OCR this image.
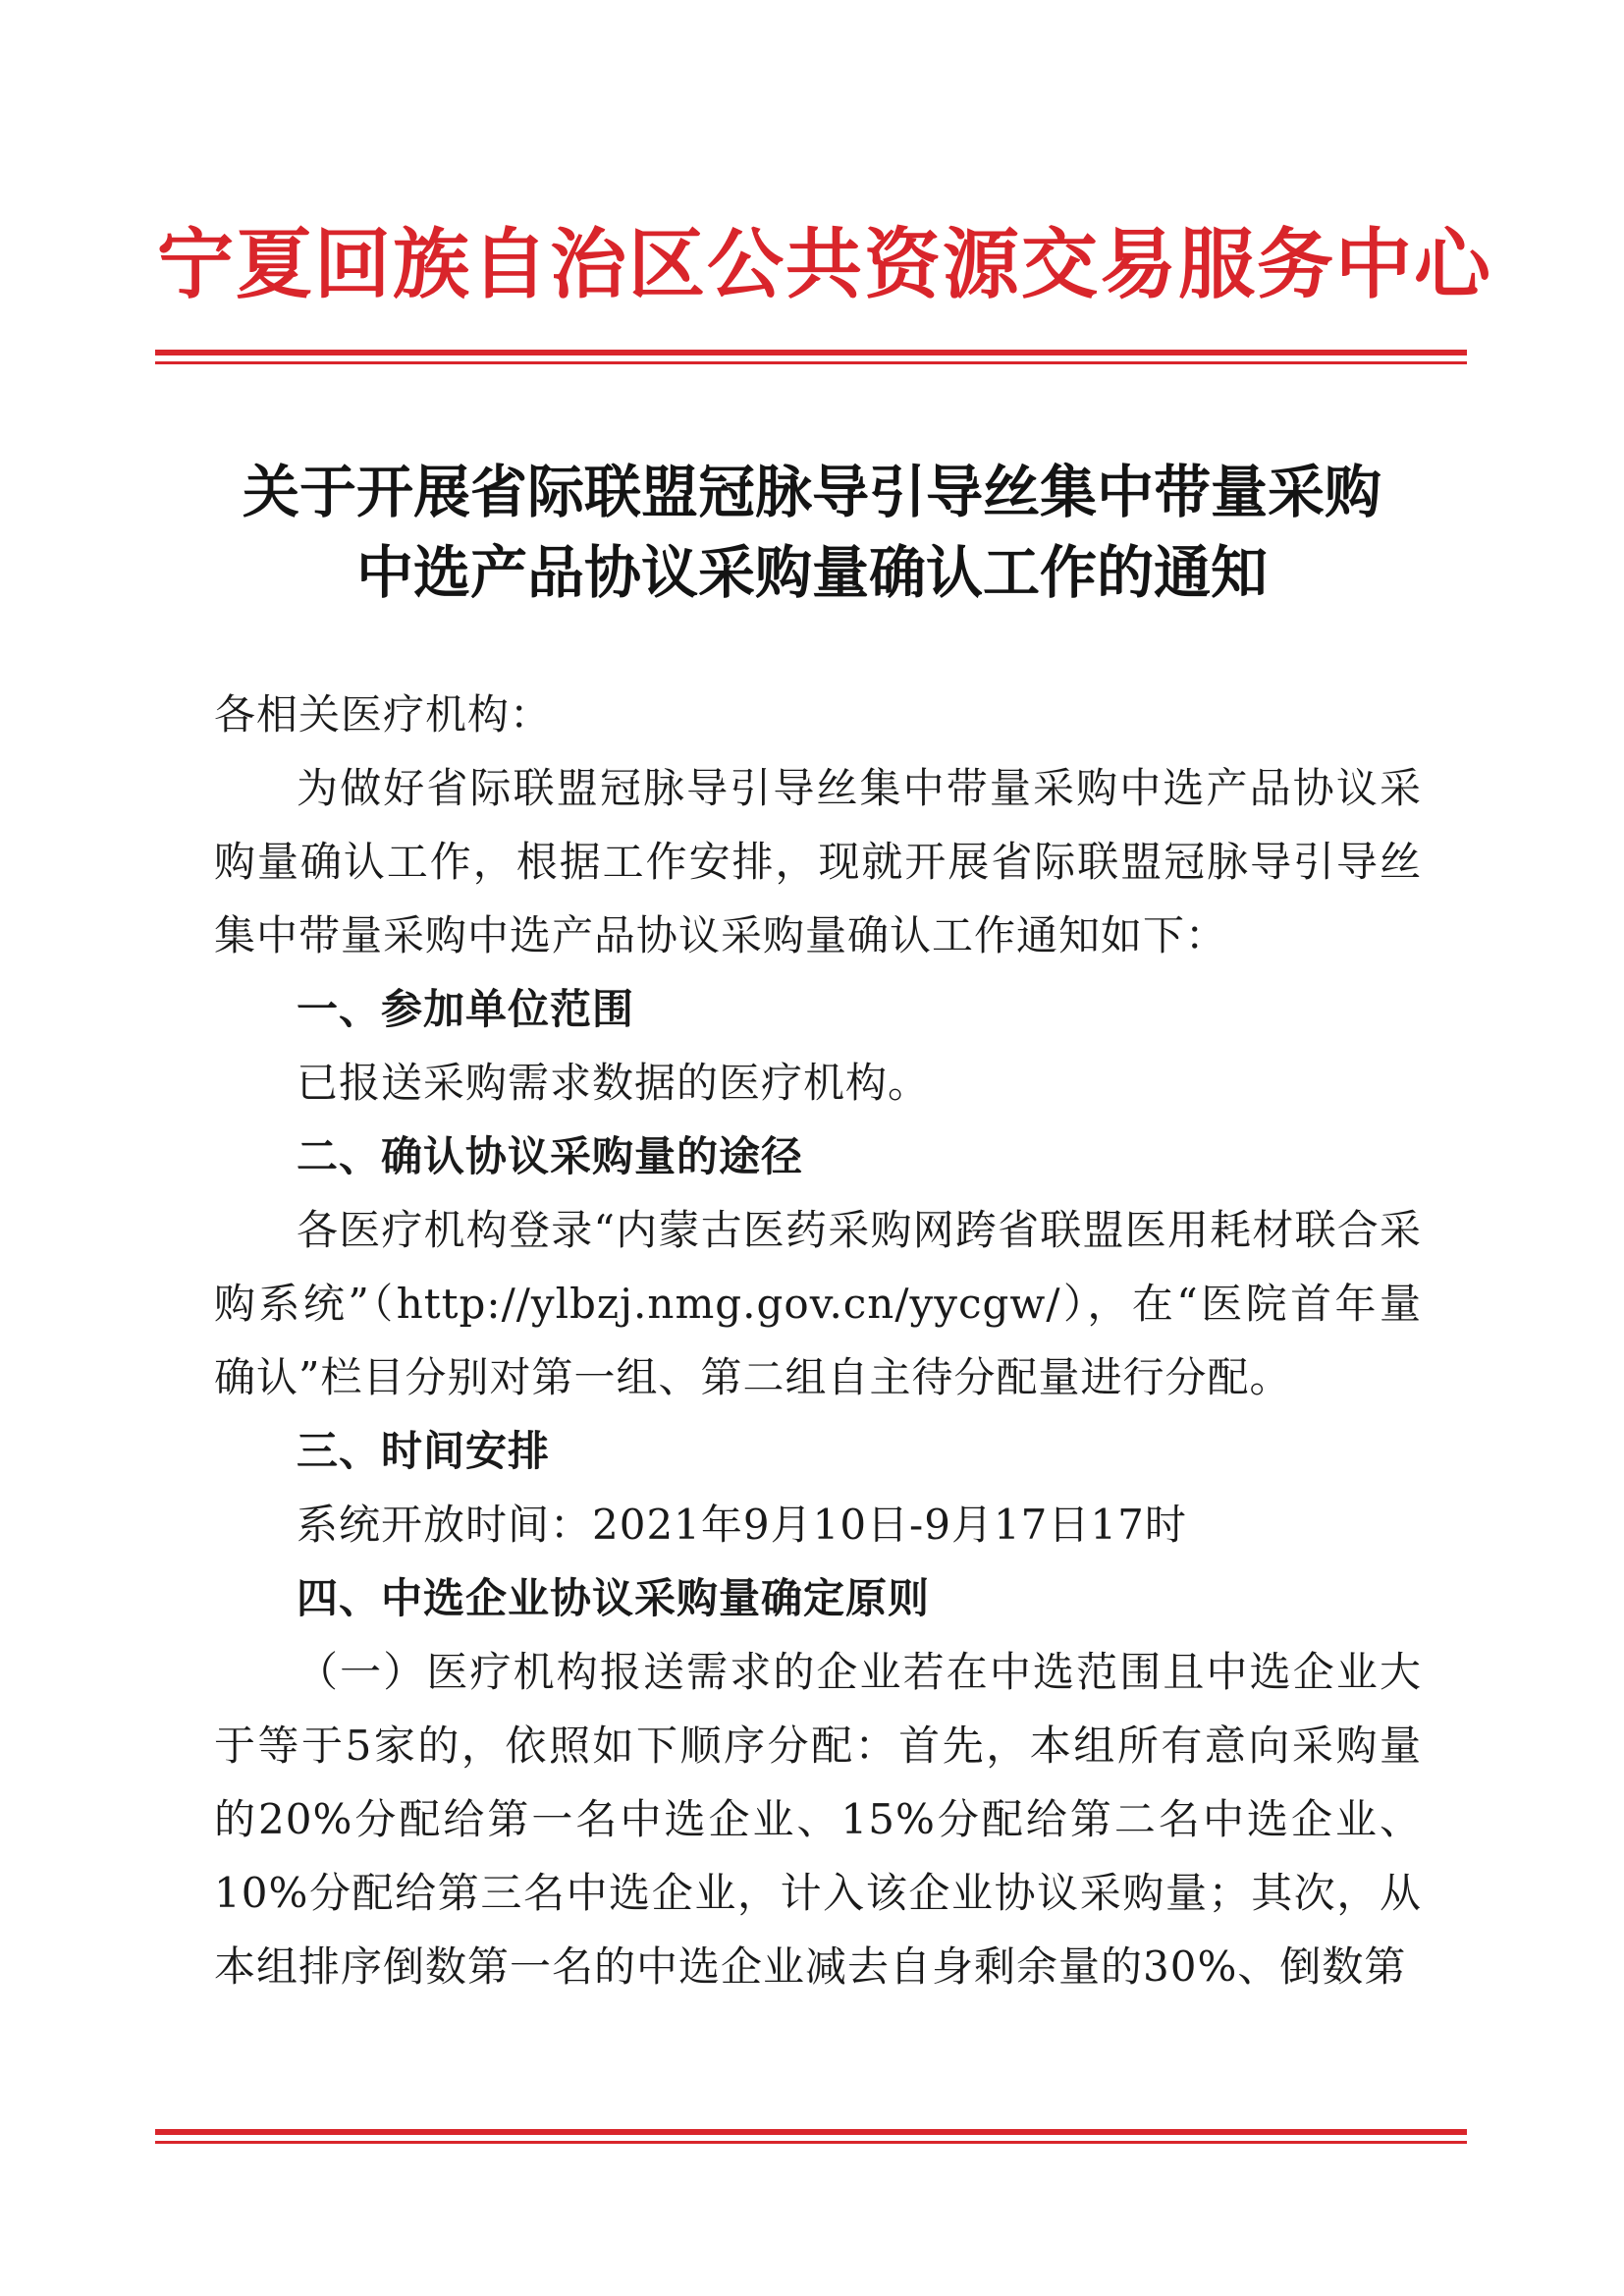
宁夏回族自治区公共资源交易服务中心
关于开展省际联盟冠脉导引导丝集中带量采购
中选产品协议采购量确认工作的通知

各相关医疗机构：

为做好省际联盟冠脉导引导丝集中带量采购中选产品协议采购量确认工作，根据工作安排，现就开展省际联盟冠脉导引导丝集中带量采购中选产品协议采购量确认工作通知如下：

一、参加单位范围

已报送采购需求数据的医疗机构。

二、确认协议采购量的途径

各医疗机构登录“内蒙古医药采购网跨省联盟医用耗材联合采购系统”（http://ylbzj.nmg.gov.cn/yycgw/），在“医院首年量确认”栏目分别对第一组、第二组自主待分配量进行分配。

三、时间安排

系统开放时间：2021年9月10日-9月17日17时

四、中选企业协议采购量确定原则

（一）医疗机构报送需求的企业若在中选范围且中选企业大于等于5家的，依照如下顺序分配：首先，本组所有意向采购量的20%分配给第一名中选企业、15%分配给第二名中选企业、10%分配给第三名中选企业，计入该企业协议采购量；其次，从本组排序倒数第一名的中选企业减去自身剩余量的30%、倒数第
